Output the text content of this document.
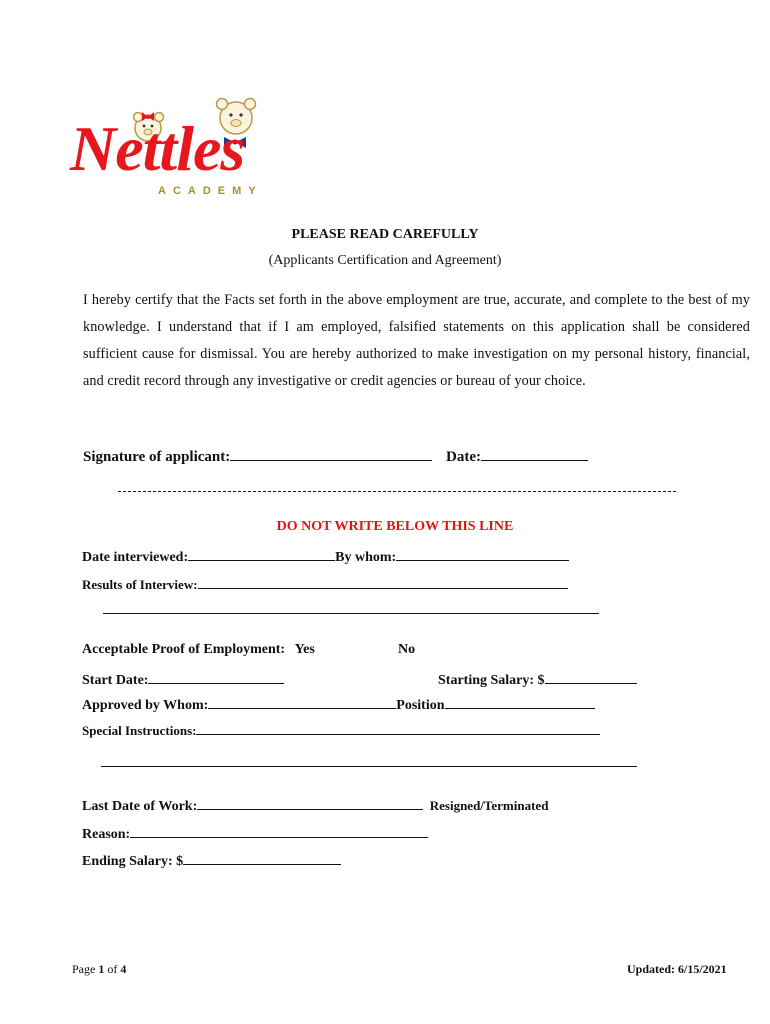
Nettles
ACADEMY
PLEASE READ CAREFULLY
(Applicants Certification and Agreement)
I hereby certify that the Facts set forth in the above employment are true, accurate, and complete to the best of my knowledge. I understand that if I am employed, falsified statements on this application shall be considered sufficient cause for dismissal. You are hereby authorized to make investigation on my personal history, financial, and credit record through any investigative or credit agencies or bureau of your choice.
Signature of applicant:	Date:
DO NOT WRITE BELOW THIS LINE
Date interviewed:	By whom:
Results of Interview:
Acceptable Proof of Employment: Yes	No
Start Date:	Starting Salary: $
Approved by Whom:	Position
Special Instructions:
Last Date of Work:	Resigned/Terminated
Reason:
Ending Salary: $
Page 1 of 4	Updated: 6/15/2021
